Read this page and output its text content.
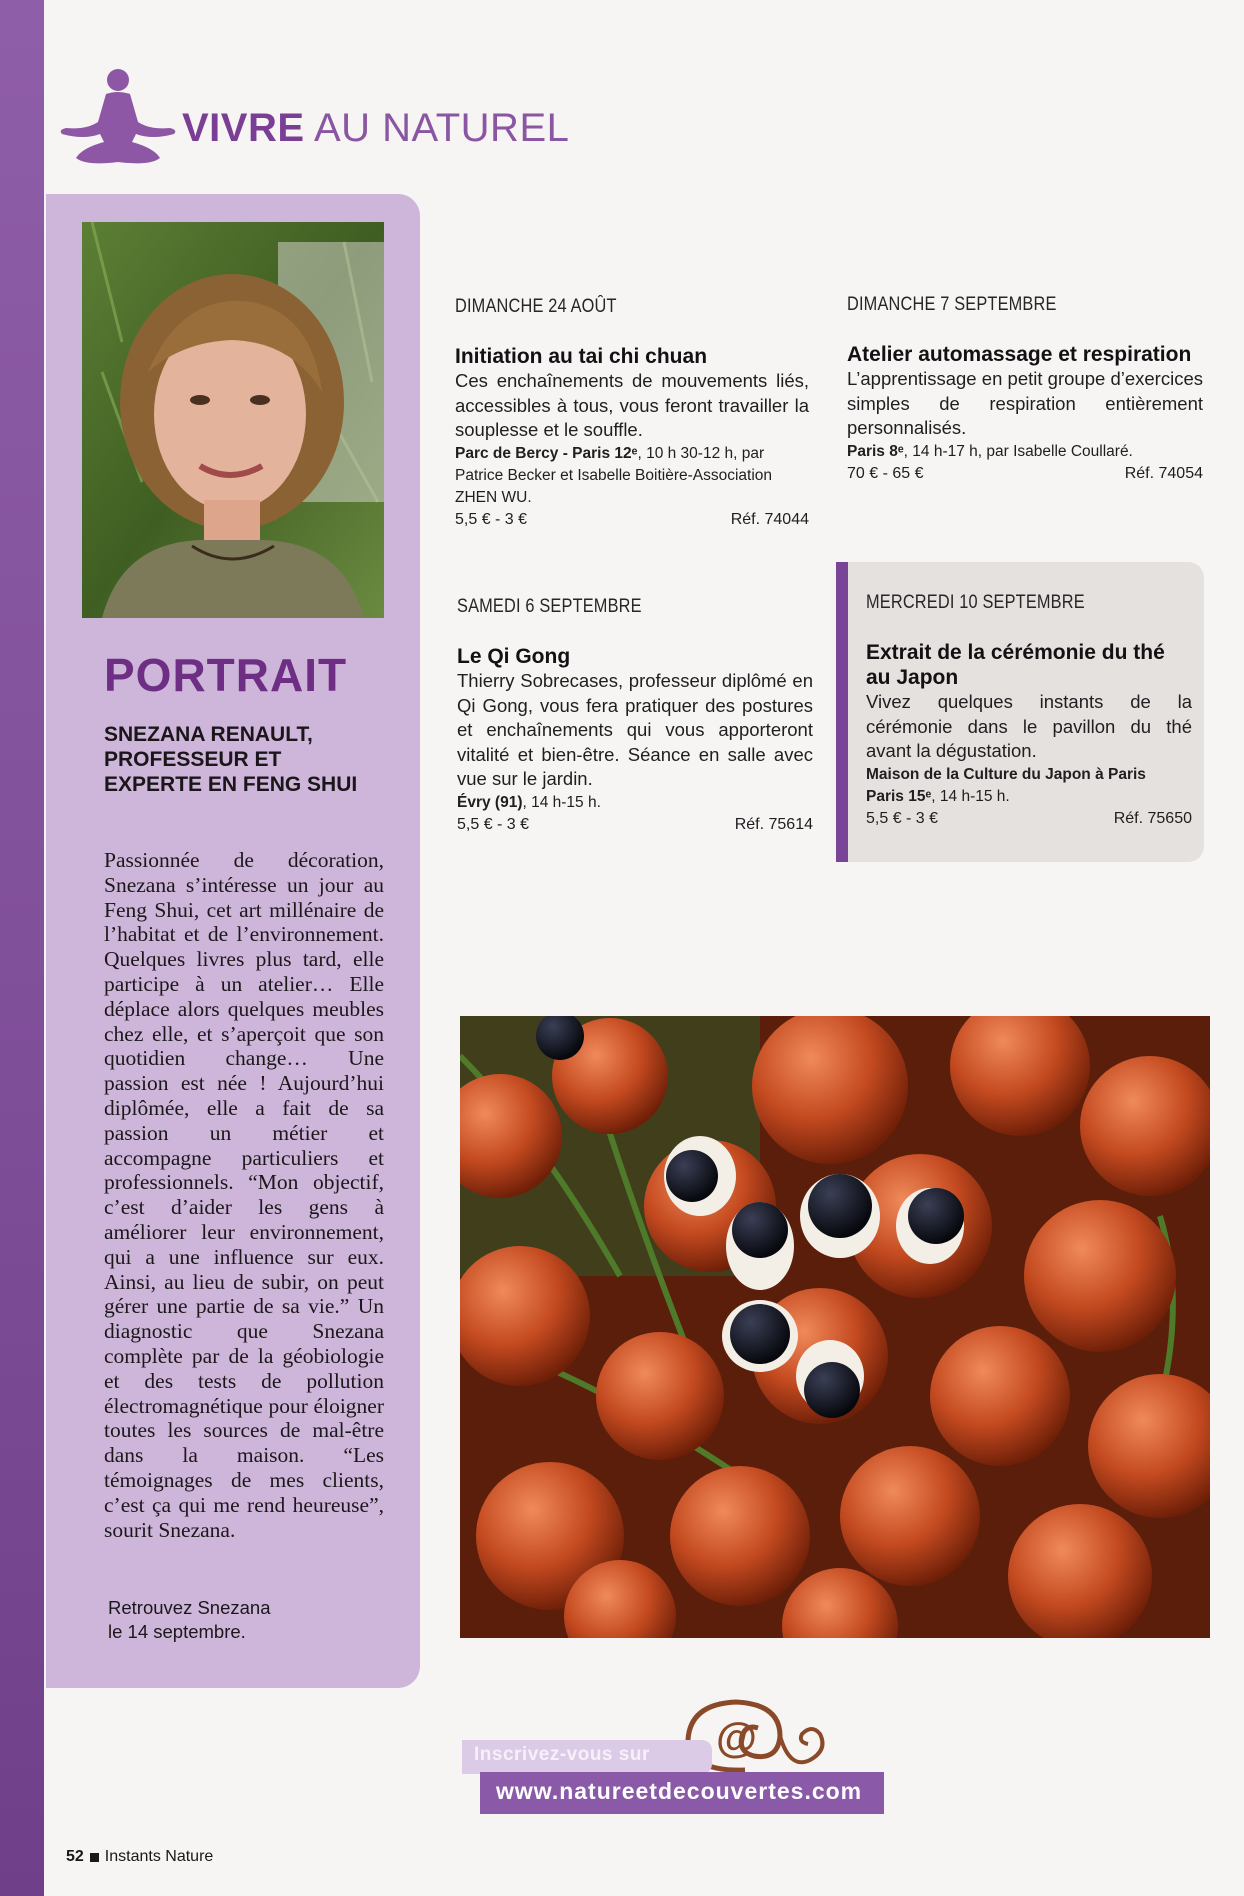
VIVRE AU NATUREL
PORTRAIT
SNEZANA RENAULT, PROFESSEUR ET EXPERTE EN FENG SHUI
Passionnée de décoration, Snezana s’intéresse un jour au Feng Shui, cet art millénaire de l’habitat et de l’environnement. Quelques livres plus tard, elle participe à un atelier… Elle déplace alors quelques meubles chez elle, et s’aperçoit que son quotidien change… Une passion est née ! Aujourd’hui diplômée, elle a fait de sa passion un métier et accompagne particuliers et professionnels. “Mon objectif, c’est d’aider les gens à améliorer leur environnement, qui a une influence sur eux. Ainsi, au lieu de subir, on peut gérer une partie de sa vie.” Un diagnostic que Snezana complète par de la géobiologie et des tests de pollution électromagnétique pour éloigner toutes les sources de mal-être dans la maison. “Les témoignages de mes clients, c’est ça qui me rend heureuse”, sourit Snezana.
Retrouvez Snezana
le 14 septembre.
DIMANCHE 24 AOÛT
Initiation au tai chi chuan
Ces enchaînements de mouvements liés, accessibles à tous, vous feront travailler la souplesse et le souffle.
Parc de Bercy - Paris 12ᵉ, 10 h 30-12 h, par Patrice Becker et Isabelle Boitière-Association ZHEN WU.
5,5 € - 3 €	Réf. 74044
DIMANCHE 7 SEPTEMBRE
Atelier automassage et respiration
L’apprentissage en petit groupe d’exercices simples de respiration entièrement personnalisés.
Paris 8ᵉ, 14 h-17 h, par Isabelle Coullaré.
70 € - 65 €	Réf. 74054
SAMEDI 6 SEPTEMBRE
Le Qi Gong
Thierry Sobrecases, professeur diplômé en Qi Gong, vous fera pratiquer des postures et enchaînements qui vous apporteront vitalité et bien-être. Séance en salle avec vue sur le jardin.
Évry (91), 14 h-15 h.
5,5 € - 3 €	Réf. 75614
MERCREDI 10 SEPTEMBRE
Extrait de la cérémonie du thé au Japon
Vivez quelques instants de la cérémonie dans le pavillon du thé avant la dégustation.
Maison de la Culture du Japon à Paris
Paris 15ᵉ, 14 h-15 h.
5,5 € - 3 €	Réf. 75650
@
Inscrivez-vous sur
www.natureetdecouvertes.com
52 Instants Nature
